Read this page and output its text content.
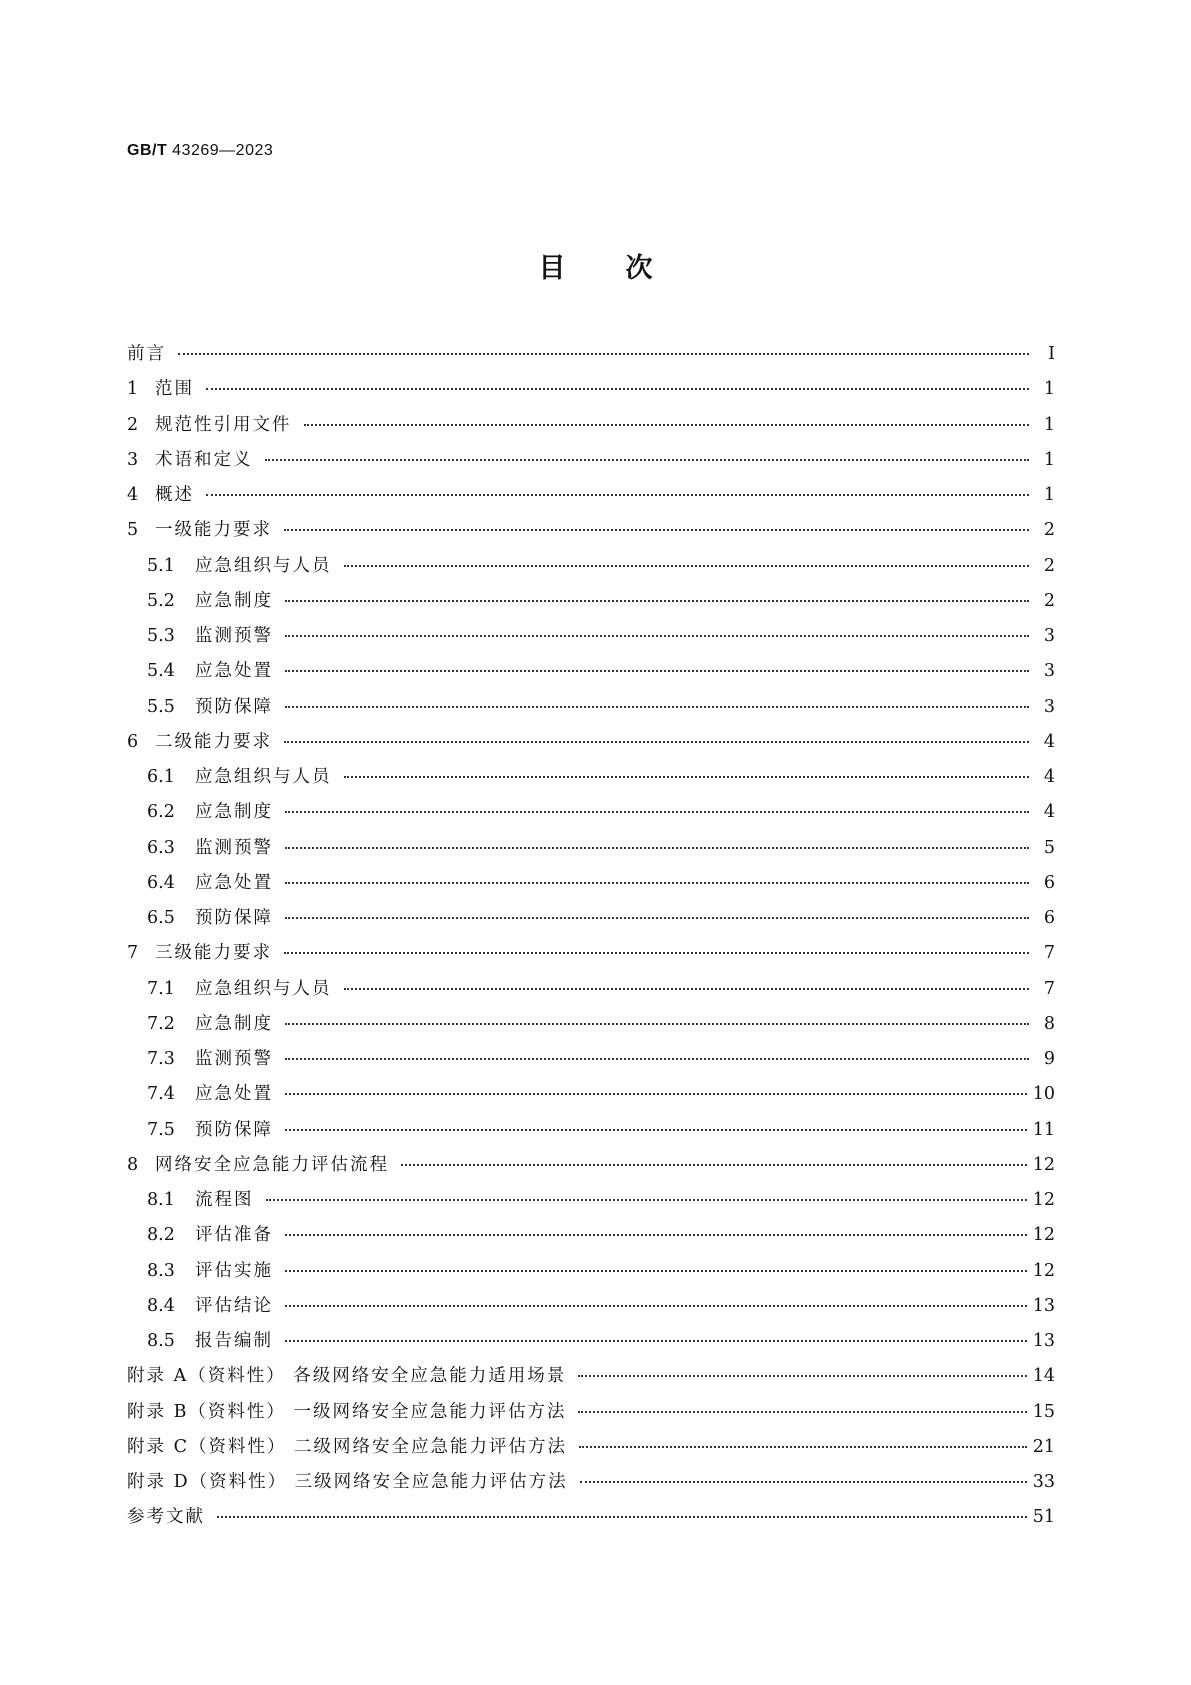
GB/T 43269—2023
目次
前言	Ⅰ
1 范围	1
2 规范性引用文件	1
3 术语和定义	1
4 概述	1
5 一级能力要求	2
5.1	应急组织与人员	2
5.2	应急制度	2
5.3	监测预警	3
5.4	应急处置	3
5.5	预防保障	3
6 二级能力要求	4
6.1	应急组织与人员	4
6.2	应急制度	4
6.3	监测预警	5
6.4	应急处置	6
6.5	预防保障	6
7 三级能力要求	7
7.1	应急组织与人员	7
7.2	应急制度	8
7.3	监测预警	9
7.4	应急处置	10
7.5	预防保障	11
8 网络安全应急能力评估流程	12
8.1	流程图	12
8.2	评估准备	12
8.3	评估实施	12
8.4	评估结论	13
8.5	报告编制	13
附录 A（资料性） 各级网络安全应急能力适用场景	14
附录 B（资料性） 一级网络安全应急能力评估方法	15
附录 C（资料性） 二级网络安全应急能力评估方法	21
附录 D（资料性） 三级网络安全应急能力评估方法	33
参考文献	51
